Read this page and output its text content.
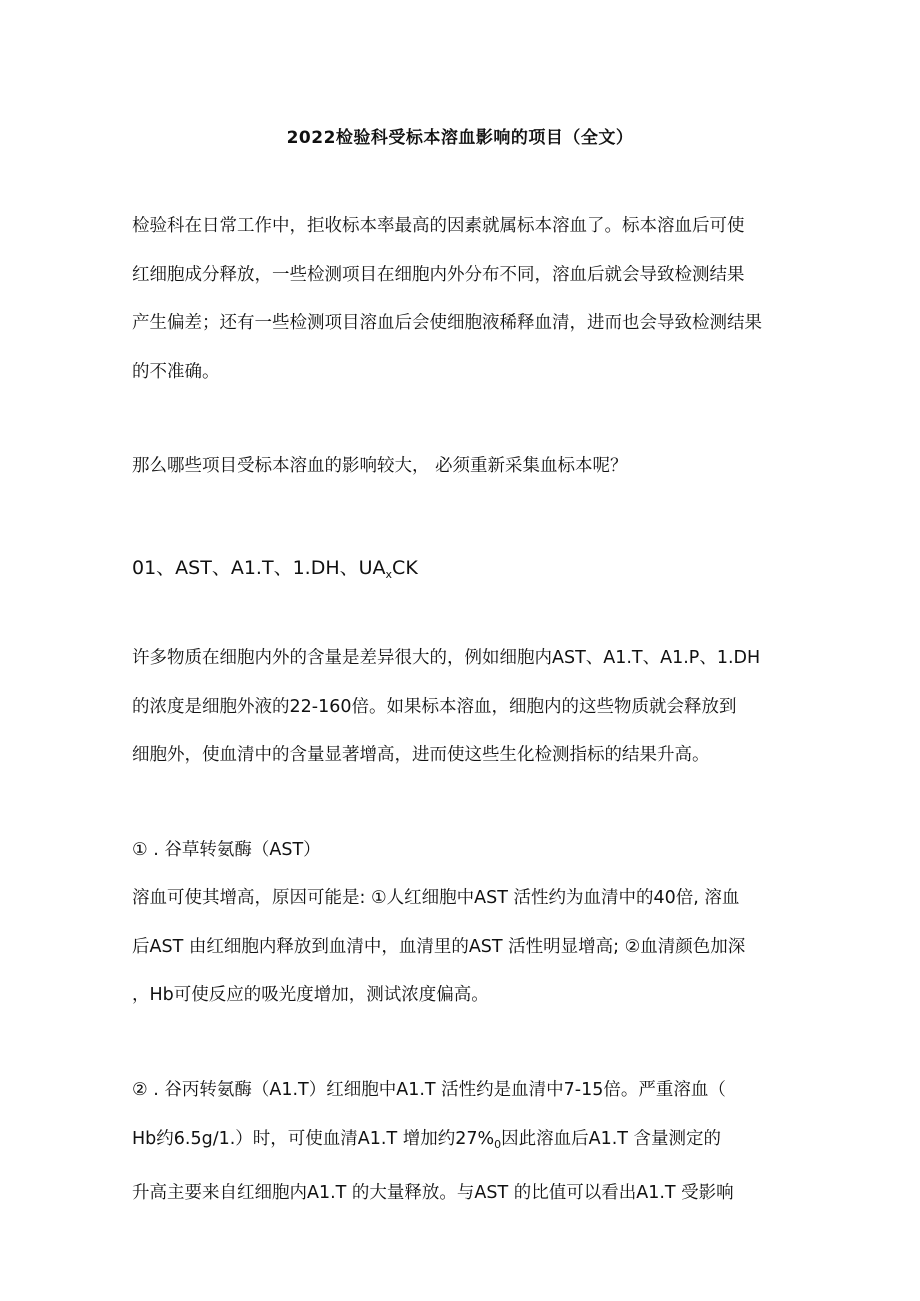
2022检验科受标本溶血影响的项目（全文）
检验科在日常工作中，拒收标本率最高的因素就属标本溶血了。标本溶血后可使
红细胞成分释放，一些检测项目在细胞内外分布不同，溶血后就会导致检测结果
产生偏差；还有一些检测项目溶血后会使细胞液稀释血清，进而也会导致检测结果
的不准确。
那么哪些项目受标本溶血的影响较大， 必须重新采集血标本呢？
01、AST、A1.T、1.DH、$UA_xCK$
许多物质在细胞内外的含量是差异很大的，例如细胞内AST、A1.T、A1.P、1.DH
的浓度是细胞外液的22-160倍。如果标本溶血，细胞内的这些物质就会释放到
细胞外，使血清中的含量显著增高，进而使这些生化检测指标的结果升高。
① . 谷草转氨酶（AST）
溶血可使其增高，原因可能是: ①人红细胞中AST 活性约为血清中的40倍, 溶血
后AST 由红细胞内释放到血清中，血清里的AST 活性明显增高; ②血清颜色加深
，Hb可使反应的吸光度增加，测试浓度偏高。
② . 谷丙转氨酶（A1.T）红细胞中A1.T 活性约是血清中7-15倍。严重溶血（
Hb约6.5g∕1.）时，可使血清A1.T 增加约$27\%_0$因此溶血后A1.T 含量测定的
升高主要来自红细胞内A1.T 的大量释放。与AST 的比值可以看出A1.T 受影响
